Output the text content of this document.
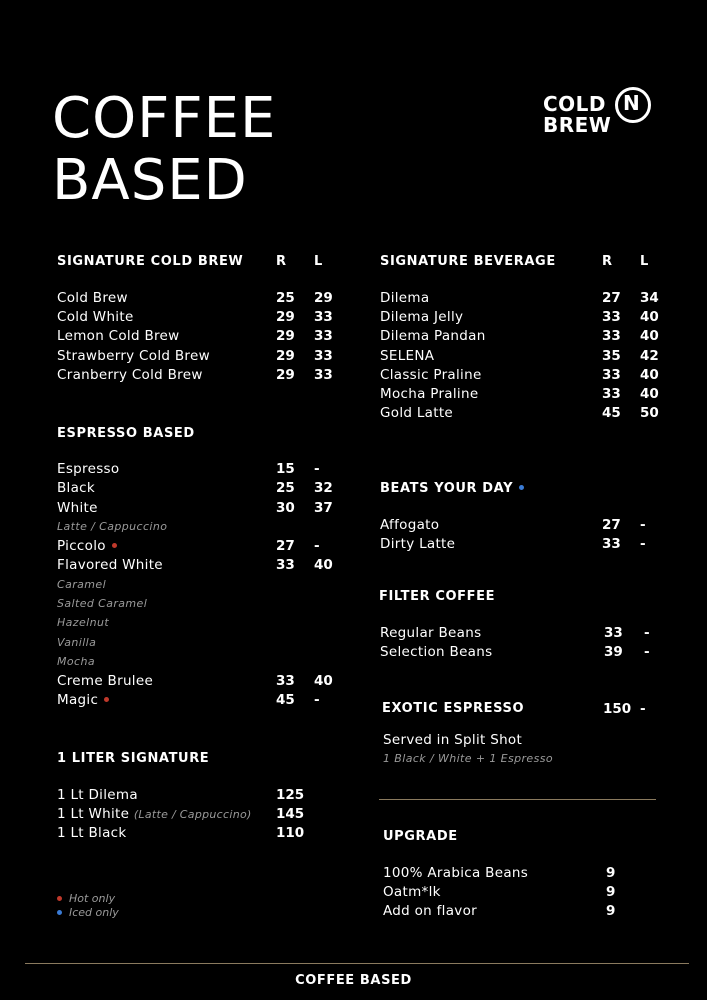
COFFEE
BASED
COLD N
BREW
SIGNATURE COLD BREW	R L
Cold Brew	25 29
Cold White	29 33
Lemon Cold Brew	29 33
Strawberry Cold Brew	29 33
Cranberry Cold Brew	29 33
ESPRESSO BASED
Espresso	15 -
Black	25 32
White	30 37
Latte / Cappuccino
Piccolo	27 -
Flavored White	33 40
Caramel
Salted Caramel
Hazelnut
Vanilla
Mocha
Creme Brulee	33 40
Magic	45 -
1 LITER SIGNATURE
1 Lt Dilema	125
1 Lt White (Latte / Cappuccino) 145
1 Lt Black	110
Hot only
Iced only
SIGNATURE BEVERAGE	R L
Dilema	27 34
Dilema Jelly	33 40
Dilema Pandan	33 40
SELENA	35 42
Classic Praline	33 40
Mocha Praline	33 40
Gold Latte	45 50
BEATS YOUR DAY
Affogato	27 -
Dirty Latte	33 -
FILTER COFFEE
Regular Beans	33 -
Selection Beans	39 -
EXOTIC ESPRESSO	150 -
Served in Split Shot
1 Black / White + 1 Espresso
UPGRADE
100% Arabica Beans	9
Oatm*lk	9
Add on flavor	9
COFFEE BASED
